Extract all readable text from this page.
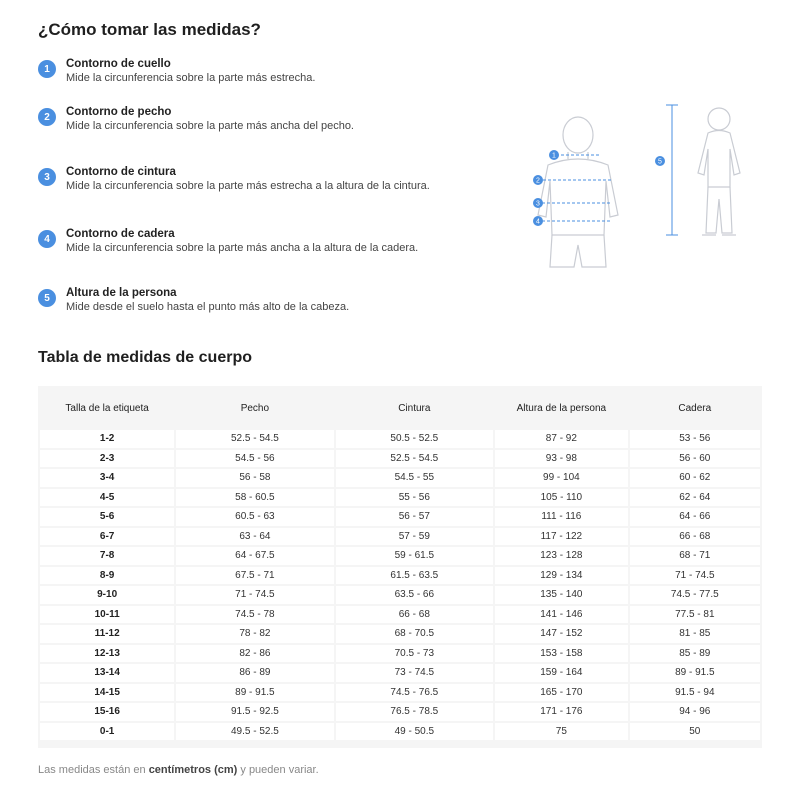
¿Cómo tomar las medidas?
1	Contorno de cuello
Mide la circunferencia sobre la parte más estrecha.
2	Contorno de pecho
Mide la circunferencia sobre la parte más ancha del pecho.
3	Contorno de cintura
Mide la circunferencia sobre la parte más estrecha a la altura de la cintura.
4	Contorno de cadera
Mide la circunferencia sobre la parte más ancha a la altura de la cadera.
5	Altura de la persona
Mide desde el suelo hasta el punto más alto de la cabeza.
1
2
3
4
5
Tabla de medidas de cuerpo
Talla de la etiqueta	Pecho	Cintura	Altura de la persona	Cadera
1-2	52.5 - 54.5	50.5 - 52.5	87 - 92	53 - 56
2-3	54.5 - 56	52.5 - 54.5	93 - 98	56 - 60
3-4	56 - 58	54.5 - 55	99 - 104	60 - 62
4-5	58 - 60.5	55 - 56	105 - 110	62 - 64
5-6	60.5 - 63	56 - 57	111 - 116	64 - 66
6-7	63 - 64	57 - 59	117 - 122	66 - 68
7-8	64 - 67.5	59 - 61.5	123 - 128	68 - 71
8-9	67.5 - 71	61.5 - 63.5	129 - 134	71 - 74.5
9-10	71 - 74.5	63.5 - 66	135 - 140	74.5 - 77.5
10-11	74.5 - 78	66 - 68	141 - 146	77.5 - 81
11-12	78 - 82	68 - 70.5	147 - 152	81 - 85
12-13	82 - 86	70.5 - 73	153 - 158	85 - 89
13-14	86 - 89	73 - 74.5	159 - 164	89 - 91.5
14-15	89 - 91.5	74.5 - 76.5	165 - 170	91.5 - 94
15-16	91.5 - 92.5	76.5 - 78.5	171 - 176	94 - 96
0-1	49.5 - 52.5	49 - 50.5	75	50
Las medidas están en centímetros (cm) y pueden variar.
